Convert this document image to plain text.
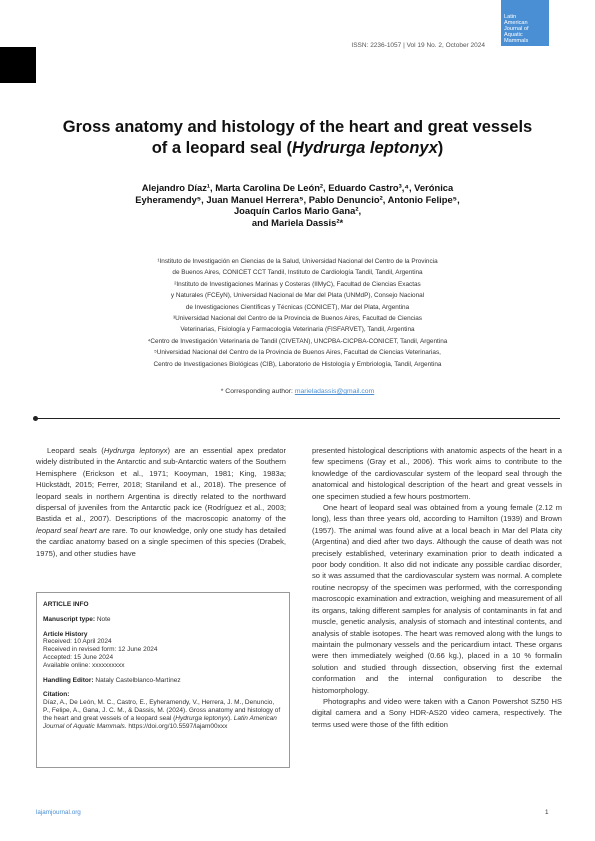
Latin
American
Journal of
Aquatic
Mammals
ISSN: 2236-1057 | Vol 19 No. 2, October 2024
Gross anatomy and histology of the heart and great vessels
of a leopard seal (Hydrurga leptonyx)
Alejandro Díaz¹, Marta Carolina De León², Eduardo Castro³,⁴, Verónica
Eyheramendy⁵, Juan Manuel Herrera⁵, Pablo Denuncio², Antonio Felipe⁵,
Joaquín Carlos Mario Gana²,
and Mariela Dassis²*
¹Instituto de Investigación en Ciencias de la Salud, Universidad Nacional del Centro de la Provincia
de Buenos Aires, CONICET CCT Tandil, Instituto de Cardiología Tandil, Tandil, Argentina
²Instituto de Investigaciones Marinas y Costeras (IIMyC), Facultad de Ciencias Exactas
y Naturales (FCEyN), Universidad Nacional de Mar del Plata (UNMdP), Consejo Nacional
de Investigaciones Científicas y Técnicas (CONICET), Mar del Plata, Argentina
³Universidad Nacional del Centro de la Provincia de Buenos Aires, Facultad de Ciencias
Veterinarias, Fisiología y Farmacología Veterinaria (FISFARVET), Tandil, Argentina
⁴Centro de Investigación Veterinaria de Tandil (CIVETAN), UNCPBA-CICPBA-CONICET, Tandil, Argentina
⁵Universidad Nacional del Centro de la Provincia de Buenos Aires, Facultad de Ciencias Veterinarias,
Centro de Investigaciones Biológicas (CIB), Laboratorio de Histología y Embriología, Tandil, Argentina
* Corresponding author: marieladassis@gmail.com

Leopard seals (Hydrurga leptonyx) are an essential apex predator widely distributed in the Antarctic and sub-Antarctic waters of the Southern Hemisphere (Erickson et al., 1971; Kooyman, 1981; King, 1983a; Hückstädt, 2015; Ferrer, 2018; Staniland et al., 2018). The presence of leopard seals in northern Argentina is directly related to the northward dispersal of juveniles from the Antarctic pack ice (Rodríguez et al., 2003; Bastida et al., 2007). Descriptions of the macroscopic anatomy of the leopard seal heart are rare. To our knowledge, only one study has detailed the cardiac anatomy based on a single specimen of this species (Drabek, 1975), and other studies have

ARTICLE INFO
Manuscript type: Note
Article History
Received: 10 April 2024
Received in revised form: 12 June 2024
Accepted: 15 June 2024
Available online: xxxxxxxxxx
Handling Editor: Nataly Castelblanco-Martínez
Citation:
Díaz, A., De León, M. C., Castro, E., Eyheramendy, V., Herrera, J. M., Denuncio, P., Felipe, A., Gana, J. C. M., & Dassis, M. (2024). Gross anatomy and histology of the heart and great vessels of a leopard seal (Hydrurga leptonyx). Latin American Journal of Aquatic Mammals. https://doi.org/10.5597/lajam00xxx

presented histological descriptions with anatomic aspects of the heart in a few specimens (Gray et al., 2006). This work aims to contribute to the knowledge of the cardiovascular system of the leopard seal through the anatomical and histological description of the heart and great vessels in one specimen studied a few hours postmortem.

One heart of leopard seal was obtained from a young female (2.12 m long), less than three years old, according to Hamilton (1939) and Brown (1957). The animal was found alive at a local beach in Mar del Plata city (Argentina) and died after two days. Although the cause of death was not precisely established, veterinary examination prior to death indicated a poor body condition. It also did not indicate any possible cardiac disorder, so it was assumed that the cardiovascular system was normal. A complete routine necropsy of the specimen was performed, with the corresponding macroscopic examination and extraction, weighing and measurement of all its organs, taking different samples for analysis of contaminants in fat and muscle, genetic analysis, analysis of stomach and intestinal contents, and analysis of stable isotopes. The heart was removed along with the lungs to maintain the pulmonary vessels and the pericardium intact. These organs were then immediately weighed (0.66 kg.), placed in a 10 % formalin solution and studied through dissection, observing first the external conformation and the internal configuration to describe the histomorphology.

Photographs and video were taken with a Canon Powershot SZ50 HS digital camera and a Sony HDR-AS20 video camera, respectively. The terms used were those of the fifth edition

lajamjournal.org	1
